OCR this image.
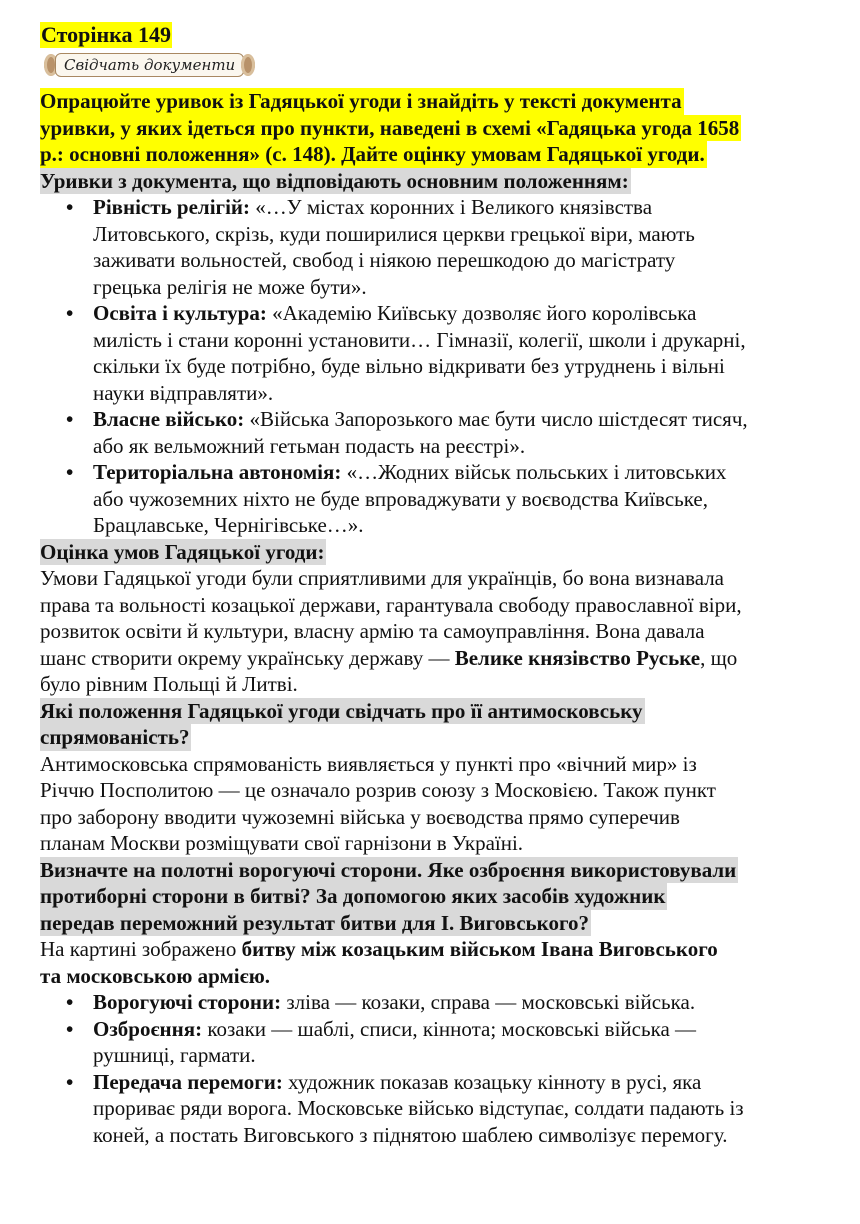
Сторінка 149
Свідчать документи
Опрацюйте уривок із Гадяцької угоди і знайдіть у тексті документа
уривки, у яких ідеться про пункти, наведені в схемі «Гадяцька угода 1658
р.: основні положення» (с. 148). Дайте оцінку умовам Гадяцької угоди.
Уривки з документа, що відповідають основним положенням:
• Рівність релігій: «…У містах коронних і Великого князівства
Литовського, скрізь, куди поширилися церкви грецької віри, мають
заживати вольностей, свобод і ніякою перешкодою до магістрату
грецька релігія не може бути».
• Освіта і культура: «Академію Київську дозволяє його королівська
милість і стани коронні установити… Гімназії, колегії, школи і друкарні,
скільки їх буде потрібно, буде вільно відкривати без утруднень і вільні
науки відправляти».
• Власне військо: «Війська Запорозького має бути число шістдесят тисяч,
або як вельможний гетьман подасть на реєстрі».
• Територіальна автономія: «…Жодних військ польських і литовських
або чужоземних ніхто не буде впроваджувати у воєводства Київське,
Брацлавське, Чернігівське…».
Оцінка умов Гадяцької угоди:
Умови Гадяцької угоди були сприятливими для українців, бо вона визнавала
права та вольності козацької держави, гарантувала свободу православної віри,
розвиток освіти й культури, власну армію та самоуправління. Вона давала
шанс створити окрему українську державу — Велике князівство Руське, що
було рівним Польщі й Литві.
Які положення Гадяцької угоди свідчать про її антимосковську
спрямованість?
Антимосковська спрямованість виявляється у пункті про «вічний мир» із
Річчю Посполитою — це означало розрив союзу з Московією. Також пункт
про заборону вводити чужоземні війська у воєводства прямо суперечив
планам Москви розміщувати свої гарнізони в Україні.
Визначте на полотні ворогуючі сторони. Яке озброєння використовували
протиборні сторони в битві? За допомогою яких засобів художник
передав переможний результат битви для І. Виговського?
На картині зображено битву між козацьким військом Івана Виговського
та московською армією.
• Ворогуючі сторони: зліва — козаки, справа — московські війська.
• Озброєння: козаки — шаблі, списи, кіннота; московські війська —
рушниці, гармати.
• Передача перемоги: художник показав козацьку кінноту в русі, яка
прориває ряди ворога. Московське військо відступає, солдати падають із
коней, а постать Виговського з піднятою шаблею символізує перемогу.
